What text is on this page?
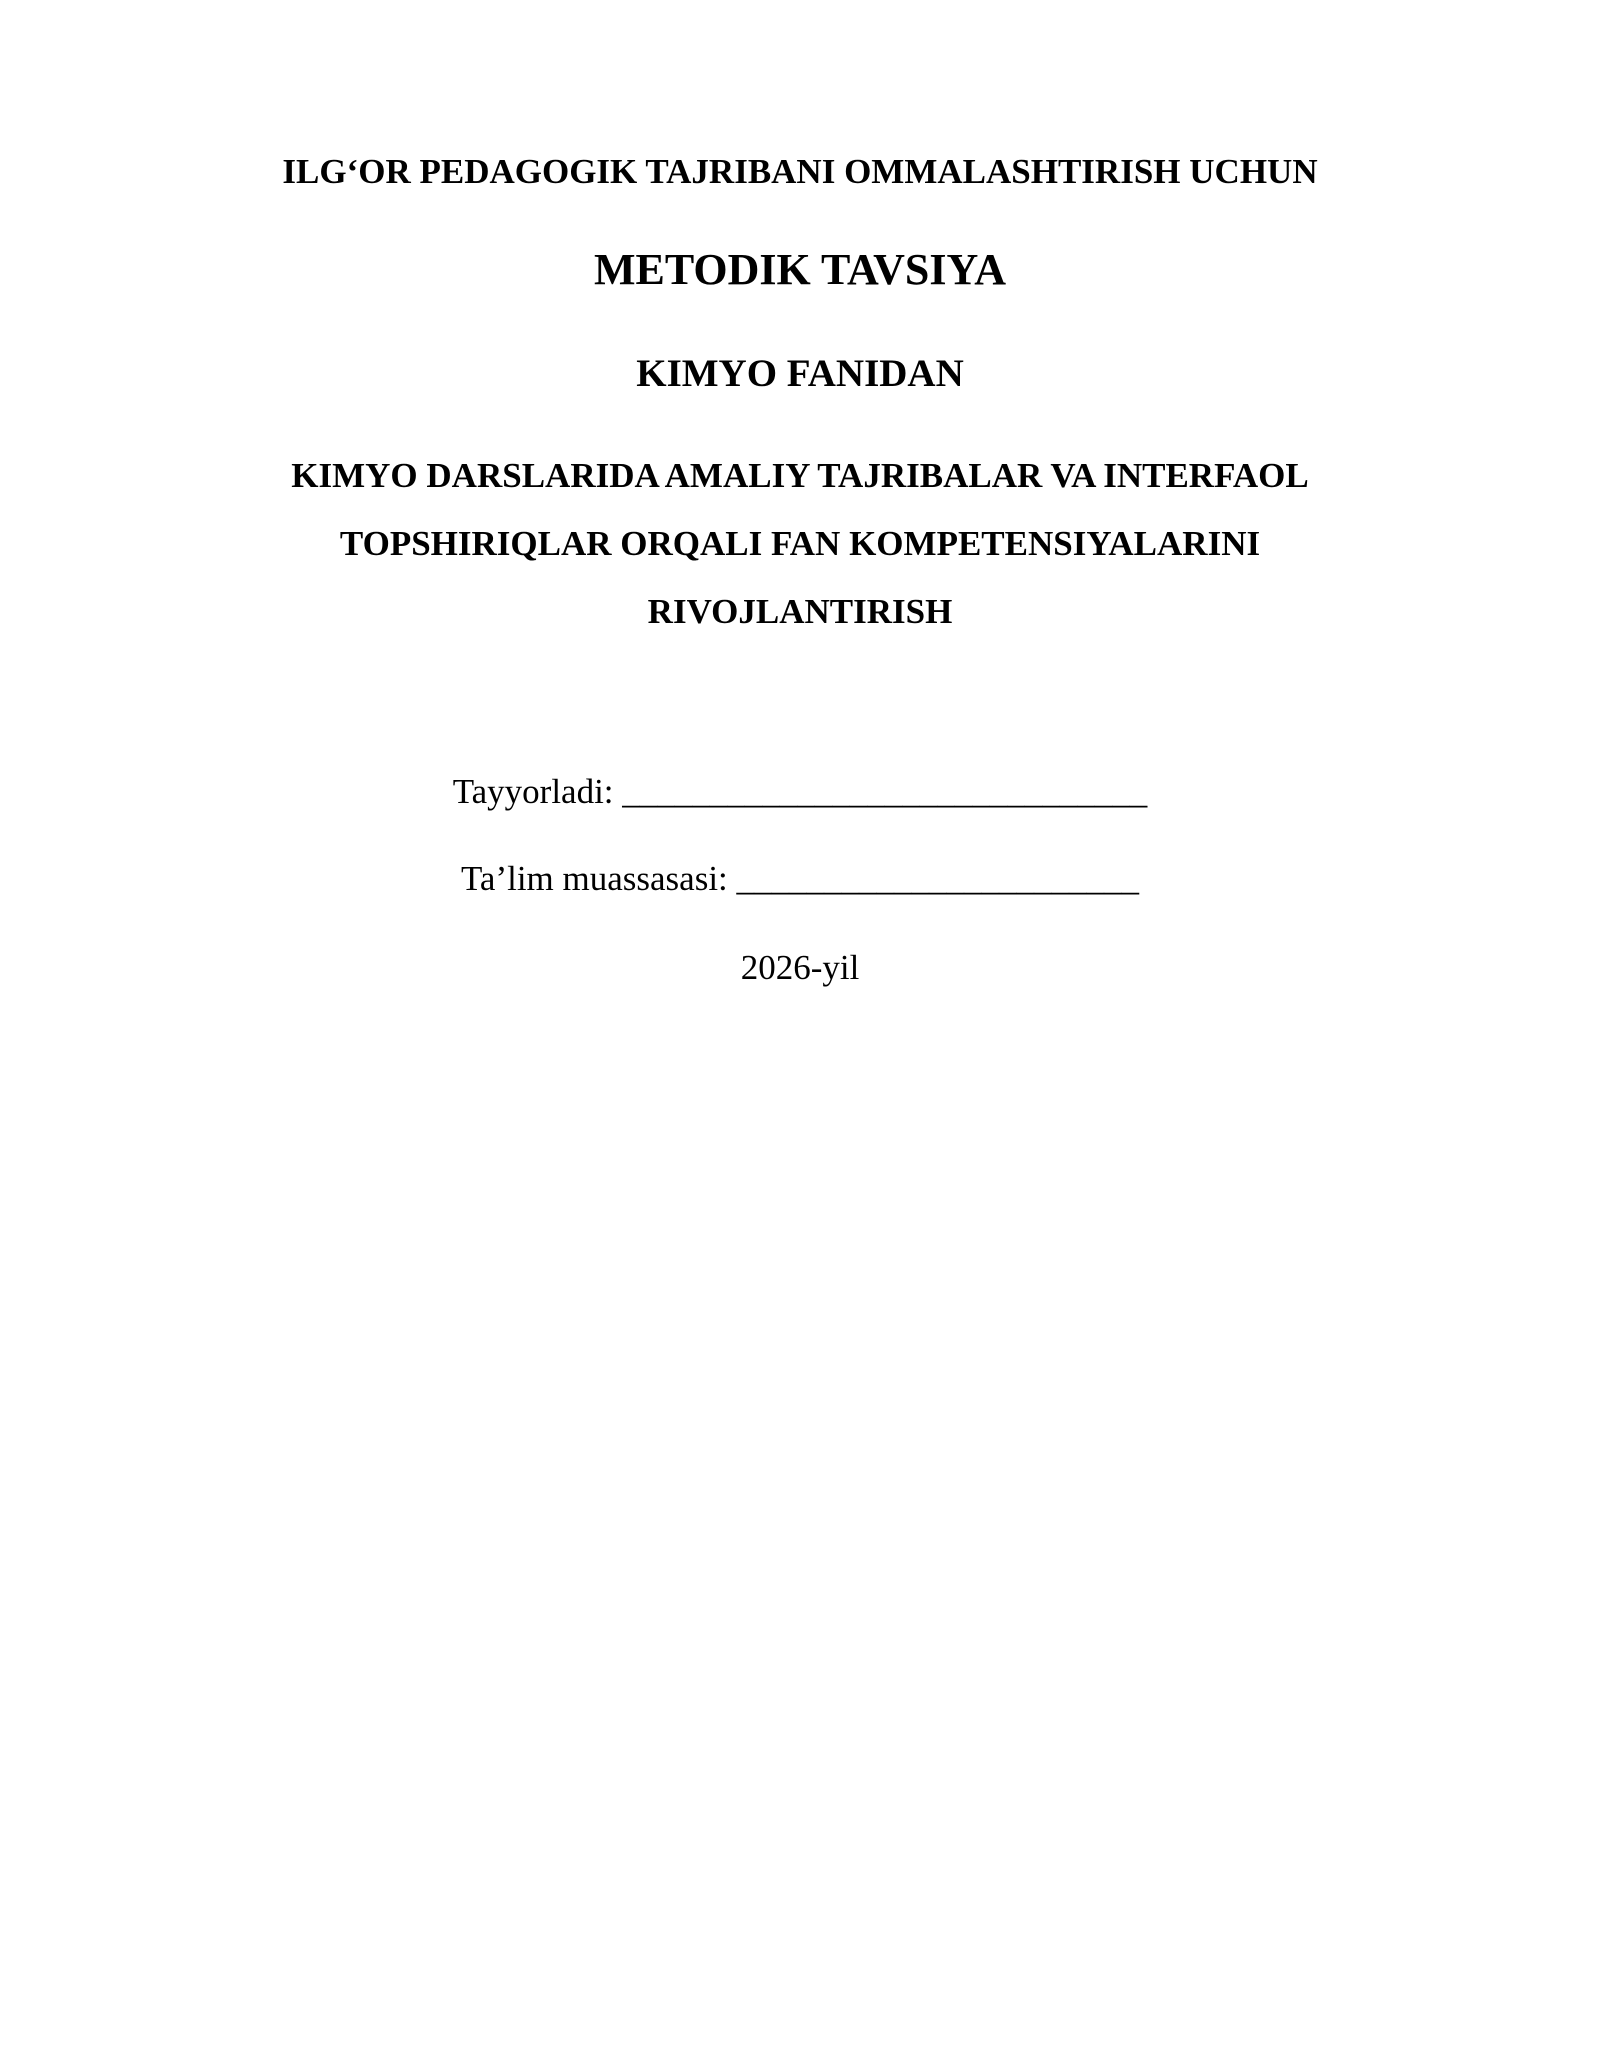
ILG‘OR PEDAGOGIK TAJRIBANI OMMALASHTIRISH UCHUN
METODIK TAVSIYA
KIMYO FANIDAN
KIMYO DARSLARIDA AMALIY TAJRIBALAR VA INTERFAOL
TOPSHIRIQLAR ORQALI FAN KOMPETENSIYALARINI
RIVOJLANTIRISH
Tayyorladi: ______________________________
Ta’lim muassasasi: _______________________
2026-yil
